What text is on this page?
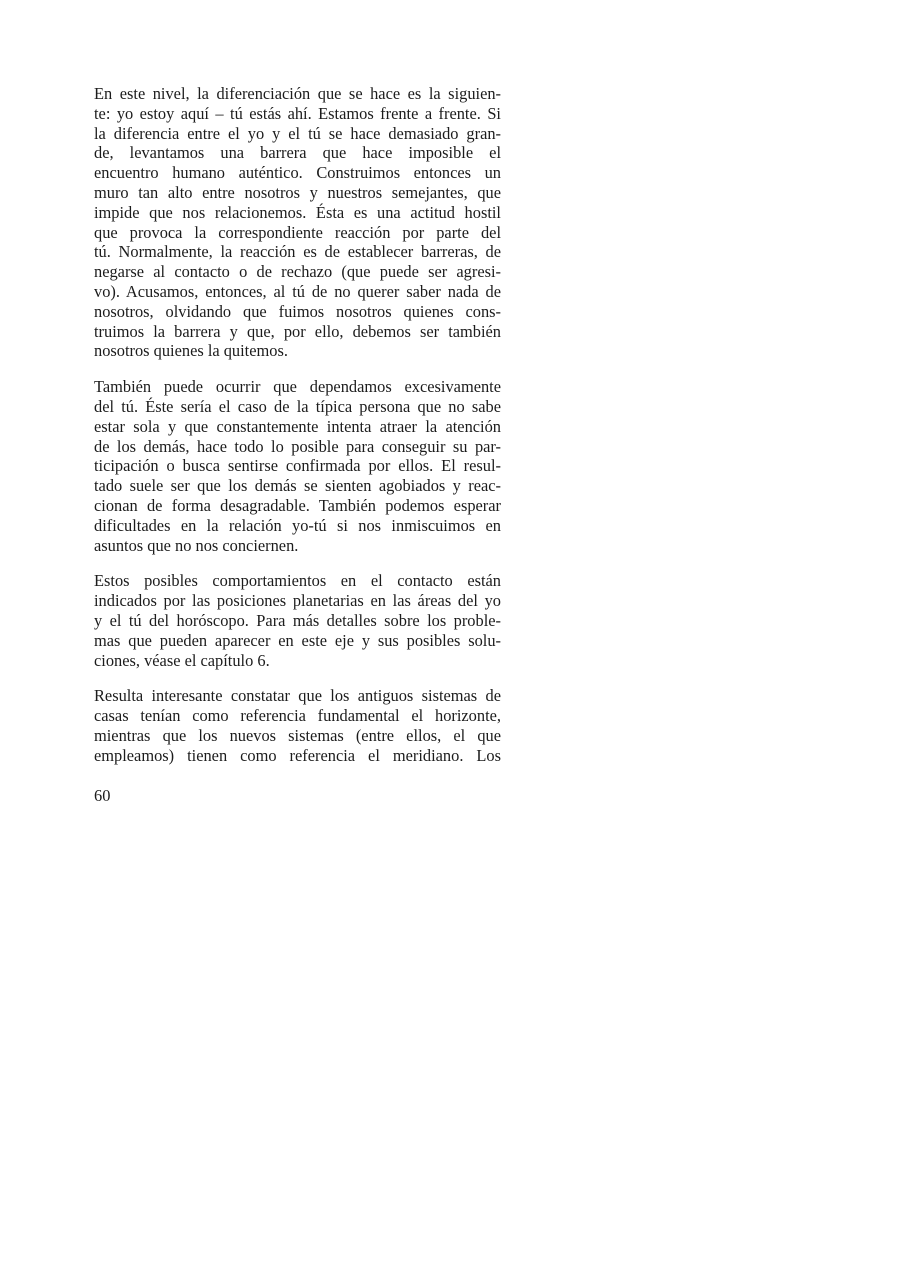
En este nivel, la diferenciación que se hace es la siguien-
te: yo estoy aquí – tú estás ahí. Estamos frente a frente. Si
la diferencia entre el yo y el tú se hace demasiado gran-
de, levantamos una barrera que hace imposible el
encuentro humano auténtico. Construimos entonces un
muro tan alto entre nosotros y nuestros semejantes, que
impide que nos relacionemos. Ésta es una actitud hostil
que provoca la correspondiente reacción por parte del
tú. Normalmente, la reacción es de establecer barreras, de
negarse al contacto o de rechazo (que puede ser agresi-
vo). Acusamos, entonces, al tú de no querer saber nada de
nosotros, olvidando que fuimos nosotros quienes cons-
truimos la barrera y que, por ello, debemos ser también
nosotros quienes la quitemos.
También puede ocurrir que dependamos excesivamente
del tú. Éste sería el caso de la típica persona que no sabe
estar sola y que constantemente intenta atraer la atención
de los demás, hace todo lo posible para conseguir su par-
ticipación o busca sentirse confirmada por ellos. El resul-
tado suele ser que los demás se sienten agobiados y reac-
cionan de forma desagradable. También podemos esperar
dificultades en la relación yo-tú si nos inmiscuimos en
asuntos que no nos conciernen.
Estos posibles comportamientos en el contacto están
indicados por las posiciones planetarias en las áreas del yo
y el tú del horóscopo. Para más detalles sobre los proble-
mas que pueden aparecer en este eje y sus posibles solu-
ciones, véase el capítulo 6.
Resulta interesante constatar que los antiguos sistemas de
casas tenían como referencia fundamental el horizonte,
mientras que los nuevos sistemas (entre ellos, el que
empleamos) tienen como referencia el meridiano. Los
60
